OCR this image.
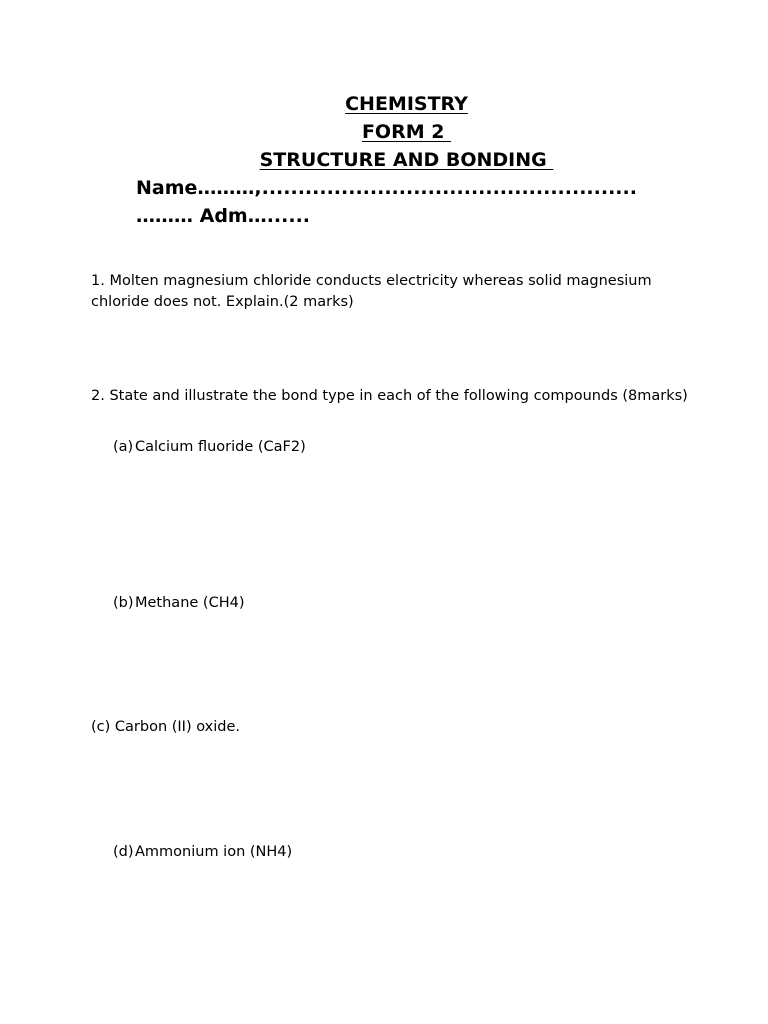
CHEMISTRY
FORM 2
STRUCTURE AND BONDING
Name………,....................................................
……… Adm…......
1. Molten magnesium chloride conducts electricity whereas solid magnesium chloride does not. Explain.(2 marks)
2. State and illustrate the bond type in each of the following compounds (8marks)
(a) Calcium fluoride (CaF2)
(b)Methane (CH4)
(c) Carbon (II) oxide.
(d)Ammonium ion (NH4)
